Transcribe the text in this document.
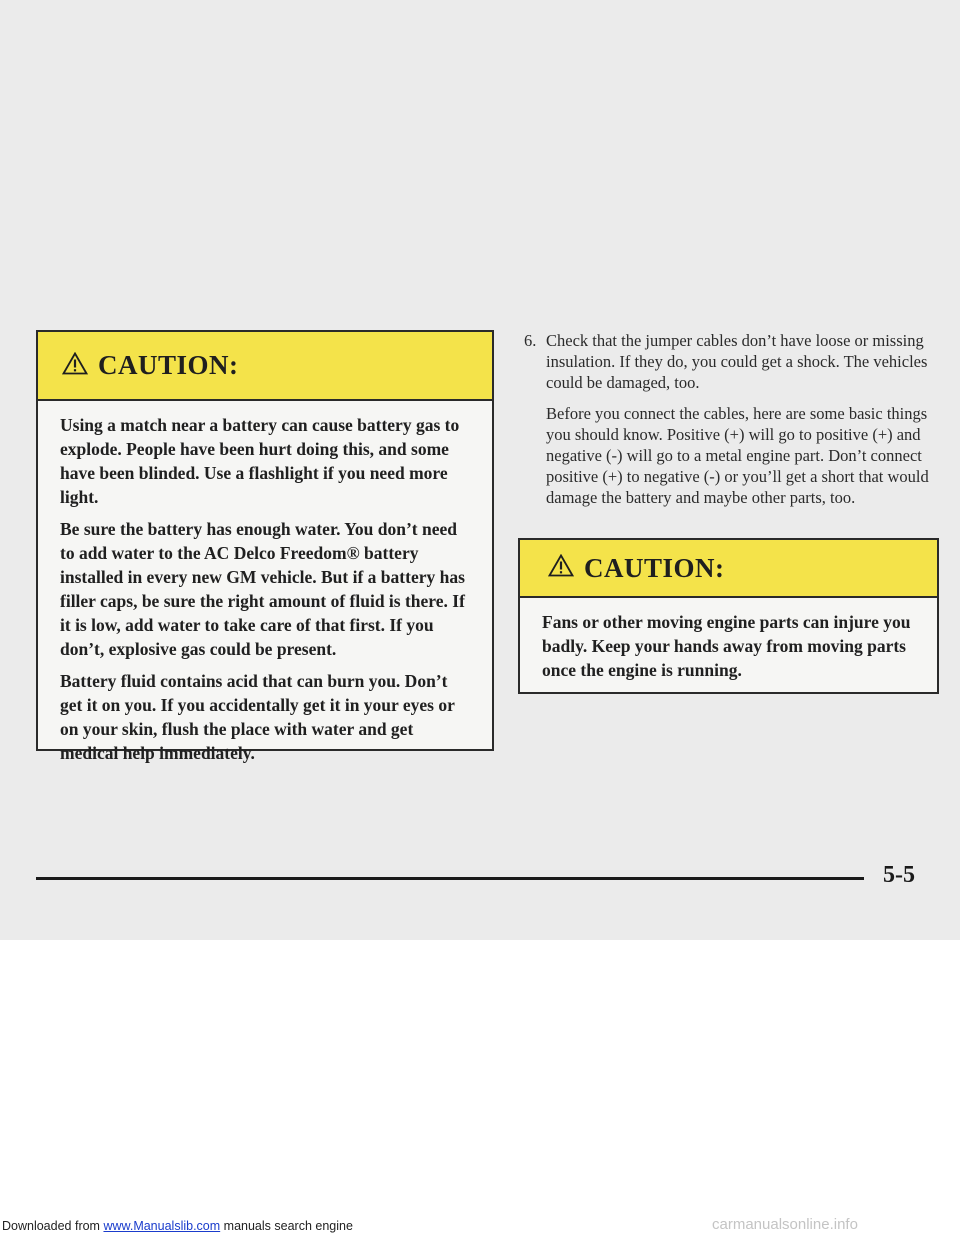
CAUTION:

Using a match near a battery can cause battery gas to explode. People have been hurt doing this, and some have been blinded. Use a flashlight if you need more light.

Be sure the battery has enough water. You don’t need to add water to the AC Delco Freedom® battery installed in every new GM vehicle. But if a battery has filler caps, be sure the right amount of fluid is there. If it is low, add water to take care of that first. If you don’t, explosive gas could be present.

Battery fluid contains acid that can burn you. Don’t get it on you. If you accidentally get it in your eyes or on your skin, flush the place with water and get medical help immediately.

6. Check that the jumper cables don’t have loose or missing insulation. If they do, you could get a shock. The vehicles could be damaged, too.

Before you connect the cables, here are some basic things you should know. Positive (+) will go to positive (+) and negative (-) will go to a metal engine part. Don’t connect positive (+) to negative (-) or you’ll get a short that would damage the battery and maybe other parts, too.

CAUTION:

Fans or other moving engine parts can injure you badly. Keep your hands away from moving parts once the engine is running.

5-5
Downloaded from www.Manualslib.com manuals search engine	carmanualsonline.info
